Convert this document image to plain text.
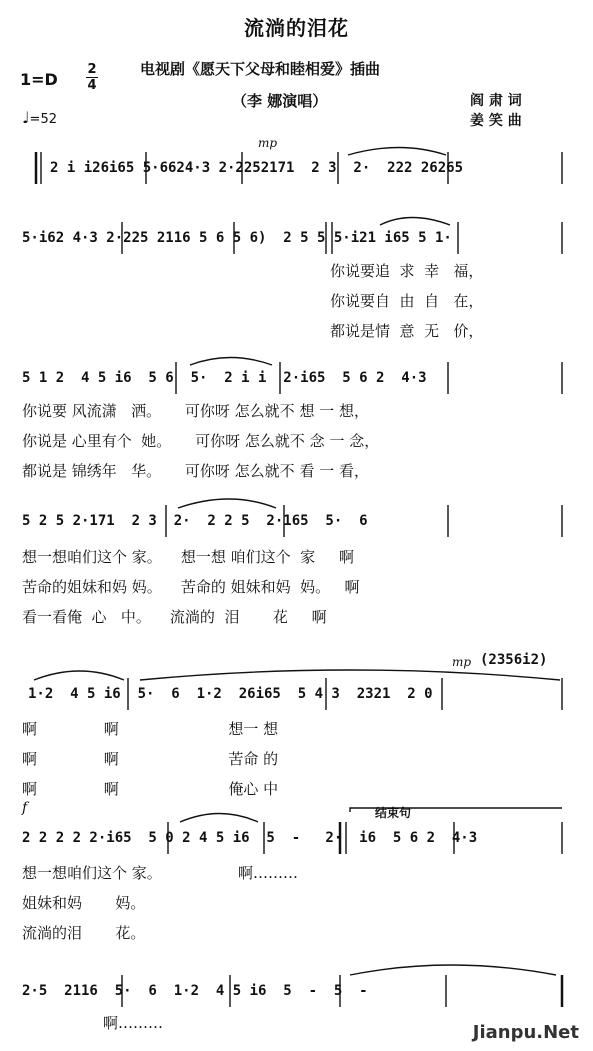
流淌的泪花
电视剧《愿天下父母和睦相爱》插曲
（李 娜演唱）
1=D
2
4
♩=52
阎 肃 词
姜 笑 曲
mp
2 i i26i65 5·6624·3 2·2252171  2 3  2·  222 26265
5·i62 4·3 2·225 2116 5 6 5 6)  2 5 5 5·i21 i65 5 1·
你说要追  求  幸   福，
你说要自  由  自   在，
都说是情  意  无   价，
5 1 2  4 5 i6  5 6  5·  2 i i  2·i65  5 6 2  4·3
你说要 风流潇   洒。     可你呀 怎么就不 想 一 想，
你说是 心里有个  她。     可你呀 怎么就不 念 一 念，
都说是 锦绣年   华。     可你呀 怎么就不 看 一 看，
5 2 5 2·171  2 3  2·  2 2 5  2·165  5·  6
想一想咱们这个 家。    想一想 咱们这个  家     啊
苦命的姐妹和妈 妈。    苦命的 姐妹和妈  妈。   啊
看一看俺  心   中。    流淌的  泪       花     啊
mp (2356i2)
1·2  4 5 i6  5·  6  1·2  26i65  5 4 3  2321  2 0
啊              啊                       想一 想
啊              啊                       苦命 的
啊              啊                       俺心 中
f	结束句
2 2 2 2 2·i65  5 0 2 4 5 i6  5  -   2·  i6  5 6 2  4·3
想一想咱们这个 家。                啊………
姐妹和妈       妈。
流淌的泪       花。
2·5  2116  5·  6  1·2  4 5 i6  5  -  5  -
啊………	Jianpu.Net
